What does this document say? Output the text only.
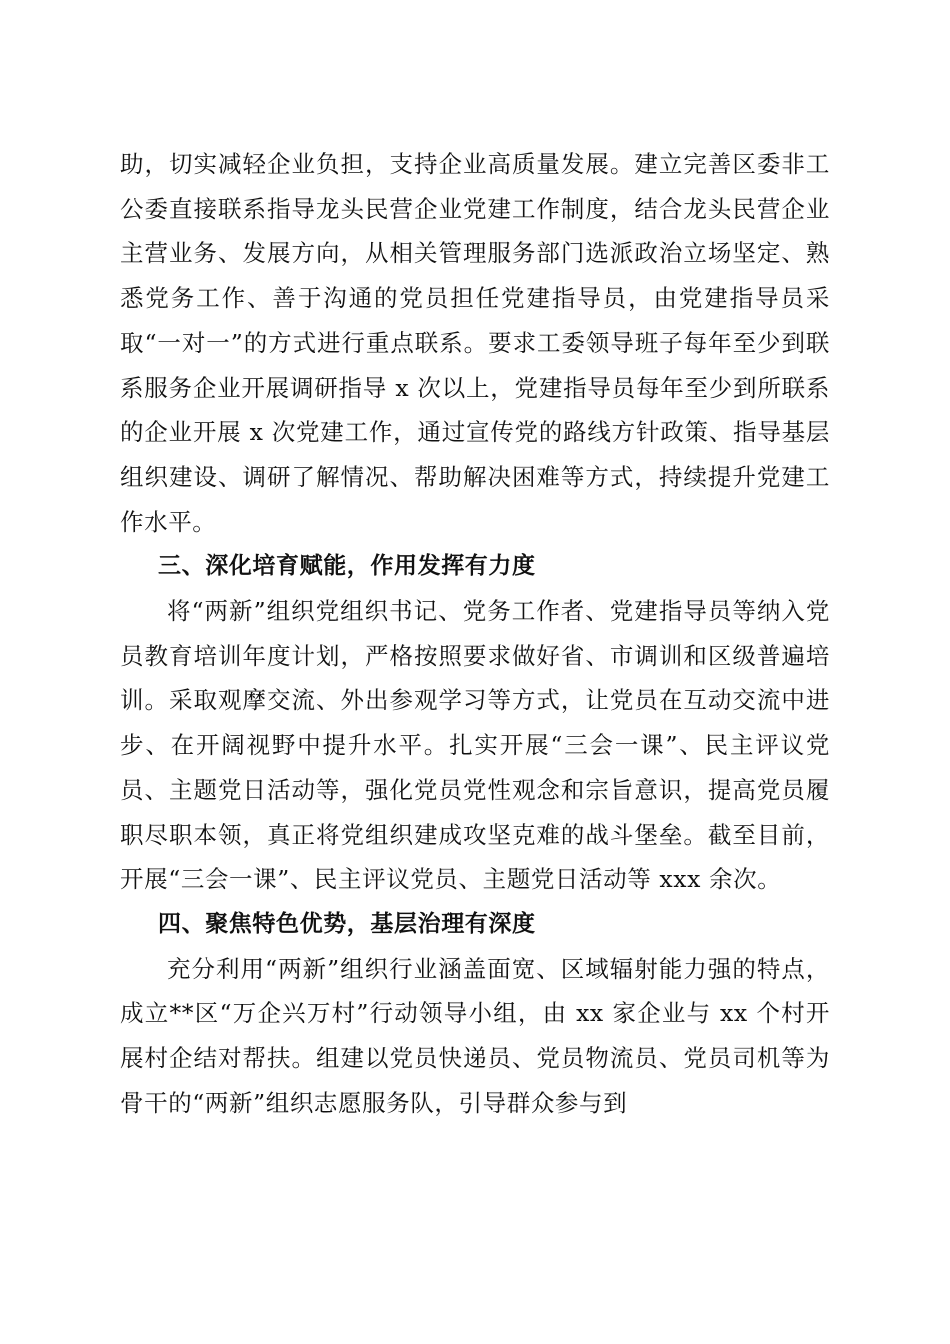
助，切实减轻企业负担，支持企业高质量发展。建立完善区委非工公委直接联系指导龙头民营企业党建工作制度，结合龙头民营企业主营业务、发展方向，从相关管理服务部门选派政治立场坚定、熟悉党务工作、善于沟通的党员担任党建指导员，由党建指导员采取“一对一”的方式进行重点联系。要求工委领导班子每年至少到联系服务企业开展调研指导 x 次以上，党建指导员每年至少到所联系的企业开展 x 次党建工作，通过宣传党的路线方针政策、指导基层组织建设、调研了解情况、帮助解决困难等方式，持续提升党建工作水平。

三、深化培育赋能，作用发挥有力度

将“两新”组织党组织书记、党务工作者、党建指导员等纳入党员教育培训年度计划，严格按照要求做好省、市调训和区级普遍培训。采取观摩交流、外出参观学习等方式，让党员在互动交流中进步、在开阔视野中提升水平。扎实开展“三会一课”、民主评议党员、主题党日活动等，强化党员党性观念和宗旨意识，提高党员履职尽职本领，真正将党组织建成攻坚克难的战斗堡垒。截至目前，开展“三会一课”、民主评议党员、主题党日活动等 xxx 余次。

四、聚焦特色优势，基层治理有深度

充分利用“两新”组织行业涵盖面宽、区域辐射能力强的特点，成立**区“万企兴万村”行动领导小组，由 xx 家企业与 xx 个村开展村企结对帮扶。组建以党员快递员、党员物流员、党员司机等为骨干的“两新”组织志愿服务队，引导群众参与到
